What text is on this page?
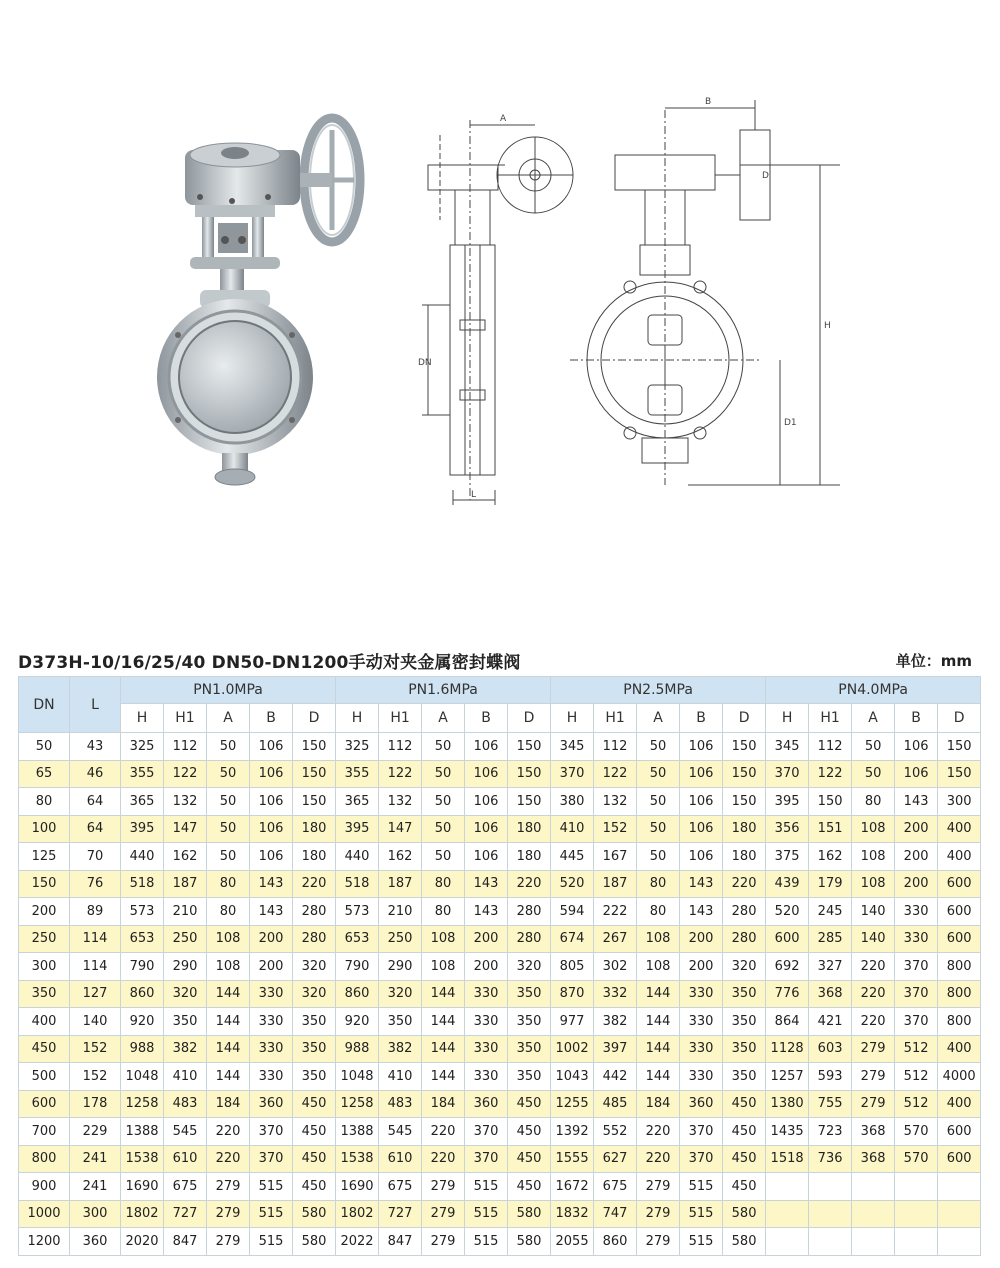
A
B
D
H
D1
DN
L
D373H-10/16/25/40 DN50-DN1200手动对夹金属密封蝶阀	单位：mm
DN	L	PN1.0MPa					PN1.6MPa					PN2.5MPa					PN4.0MPa				
		H	H1	A	B	D	H	H1	A	B	D	H	H1	A	B	D	H	H1	A	B	D
50	43	325	112	50	106	150	325	112	50	106	150	345	112	50	106	150	345	112	50	106	150
65	46	355	122	50	106	150	355	122	50	106	150	370	122	50	106	150	370	122	50	106	150
80	64	365	132	50	106	150	365	132	50	106	150	380	132	50	106	150	395	150	80	143	300
100	64	395	147	50	106	180	395	147	50	106	180	410	152	50	106	180	356	151	108	200	400
125	70	440	162	50	106	180	440	162	50	106	180	445	167	50	106	180	375	162	108	200	400
150	76	518	187	80	143	220	518	187	80	143	220	520	187	80	143	220	439	179	108	200	600
200	89	573	210	80	143	280	573	210	80	143	280	594	222	80	143	280	520	245	140	330	600
250	114	653	250	108	200	280	653	250	108	200	280	674	267	108	200	280	600	285	140	330	600
300	114	790	290	108	200	320	790	290	108	200	320	805	302	108	200	320	692	327	220	370	800
350	127	860	320	144	330	320	860	320	144	330	350	870	332	144	330	350	776	368	220	370	800
400	140	920	350	144	330	350	920	350	144	330	350	977	382	144	330	350	864	421	220	370	800
450	152	988	382	144	330	350	988	382	144	330	350	1002	397	144	330	350	1128	603	279	512	400
500	152	1048	410	144	330	350	1048	410	144	330	350	1043	442	144	330	350	1257	593	279	512	4000
600	178	1258	483	184	360	450	1258	483	184	360	450	1255	485	184	360	450	1380	755	279	512	400
700	229	1388	545	220	370	450	1388	545	220	370	450	1392	552	220	370	450	1435	723	368	570	600
800	241	1538	610	220	370	450	1538	610	220	370	450	1555	627	220	370	450	1518	736	368	570	600
900	241	1690	675	279	515	450	1690	675	279	515	450	1672	675	279	515	450					
1000	300	1802	727	279	515	580	1802	727	279	515	580	1832	747	279	515	580					
1200	360	2020	847	279	515	580	2022	847	279	515	580	2055	860	279	515	580					
